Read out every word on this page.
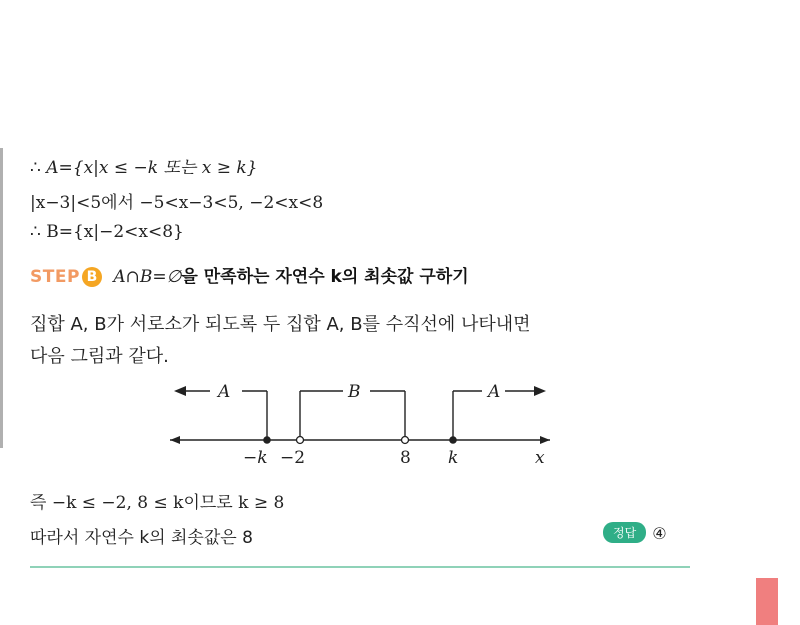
∴ A={x|x ≤ −k 또는 x ≥ k}
|x−3|<5에서 −5<x−3<5, −2<x<8
∴ B={x|−2<x<8}
STEP B A∩B=∅을 만족하는 자연수 k의 최솟값 구하기
집합 A, B가 서로소가 되도록 두 집합 A, B를 수직선에 나타내면
다음 그림과 같다.
A	B	A
x
−k −2	8 k
즉 −k ≤ −2, 8 ≤ k이므로 k ≥ 8
따라서 자연수 k의 최솟값은 8	정답 ④
